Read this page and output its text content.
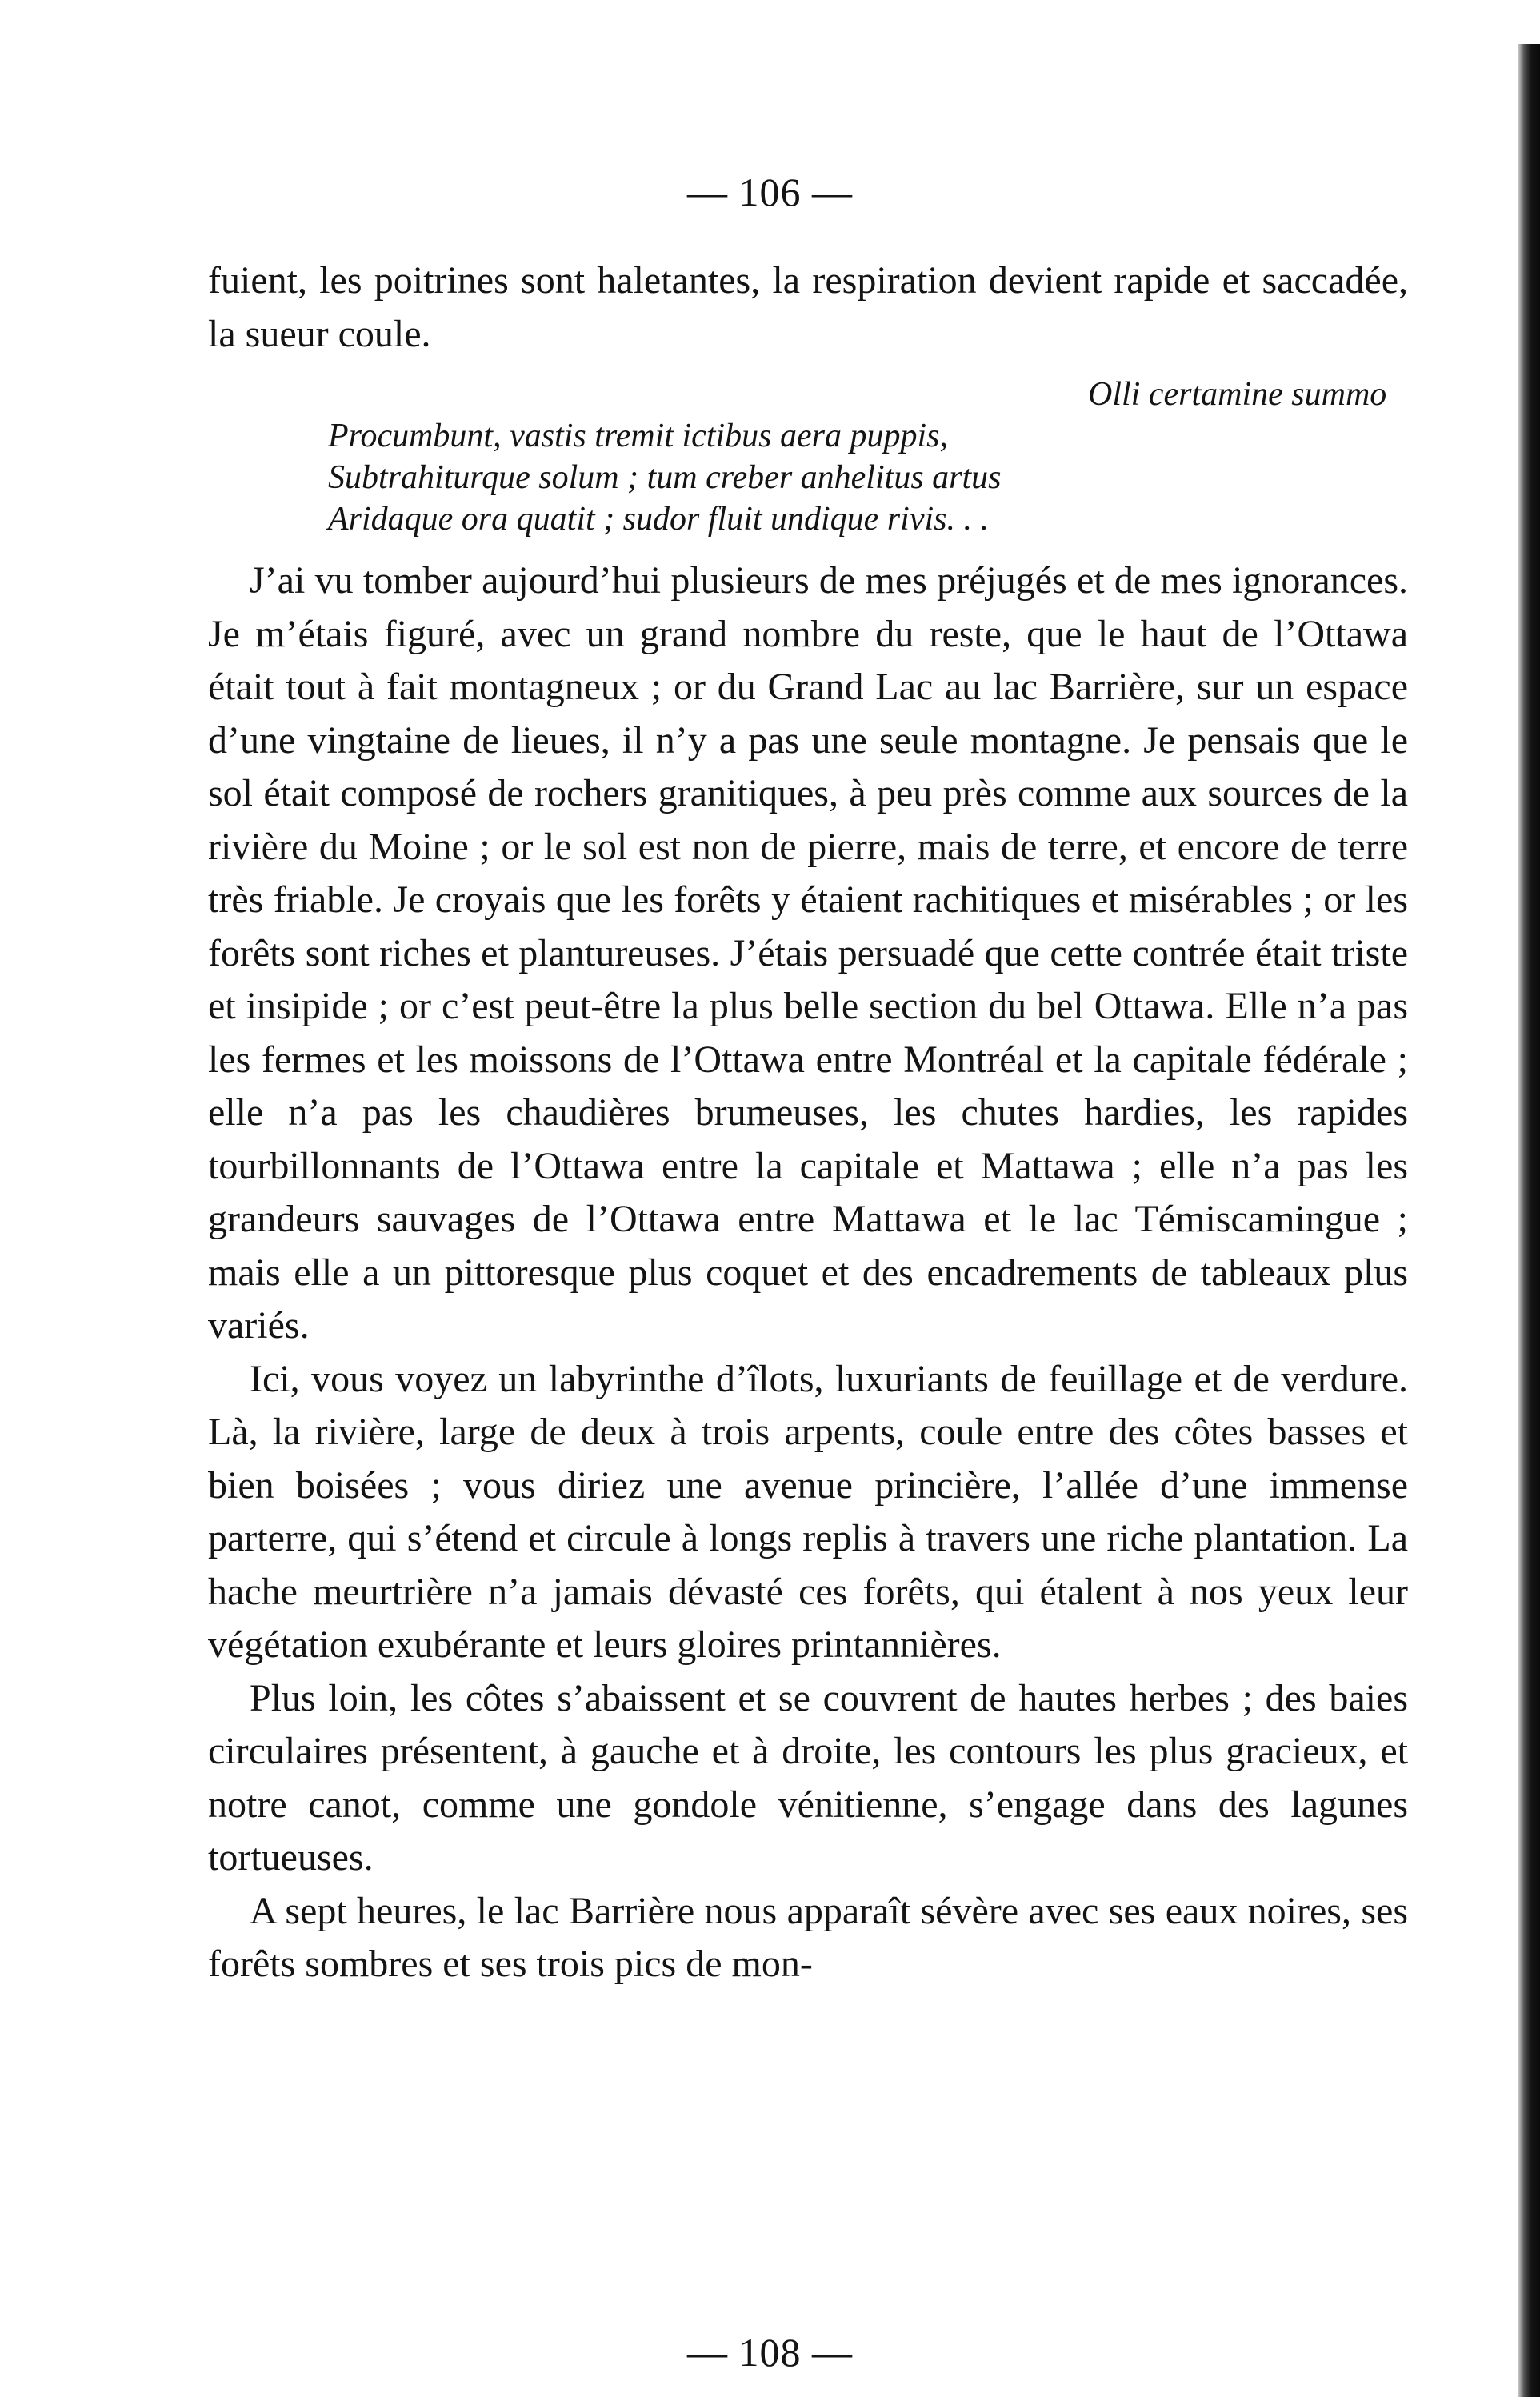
— 106 —

fuient, les poitrines sont haletantes, la respiration devient rapide et saccadée, la sueur coule.

Olli certamine summo
Procumbunt, vastis tremit ictibus aera puppis,
Subtrahiturque solum ; tum creber anhelitus artus
Aridaque ora quatit ; sudor fluit undique rivis. . .

J’ai vu tomber aujourd’hui plusieurs de mes préjugés et de mes ignorances. Je m’étais figuré, avec un grand nombre du reste, que le haut de l’Ottawa était tout à fait montagneux ; or du Grand Lac au lac Barrière, sur un espace d’une vingtaine de lieues, il n’y a pas une seule montagne. Je pensais que le sol était composé de rochers granitiques, à peu près comme aux sources de la rivière du Moine ; or le sol est non de pierre, mais de terre, et encore de terre très friable. Je croyais que les forêts y étaient rachitiques et misérables ; or les forêts sont riches et plantureuses. J’étais persuadé que cette contrée était triste et insipide ; or c’est peut-être la plus belle section du bel Ottawa. Elle n’a pas les fermes et les moissons de l’Ottawa entre Montréal et la capitale fédérale ; elle n’a pas les chaudières brumeuses, les chutes hardies, les rapides tourbillonnants de l’Ottawa entre la capitale et Mattawa ; elle n’a pas les grandeurs sauvages de l’Ottawa entre Mattawa et le lac Témiscamingue ; mais elle a un pittoresque plus coquet et des encadrements de tableaux plus variés.

Ici, vous voyez un labyrinthe d’îlots, luxuriants de feuillage et de verdure. Là, la rivière, large de deux à trois arpents, coule entre des côtes basses et bien boisées ; vous diriez une avenue princière, l’allée d’une immense parterre, qui s’étend et circule à longs replis à travers une riche plantation. La hache meurtrière n’a jamais dévasté ces forêts, qui étalent à nos yeux leur végétation exubérante et leurs gloires printannières.

Plus loin, les côtes s’abaissent et se couvrent de hautes herbes ; des baies circulaires présentent, à gauche et à droite, les contours les plus gracieux, et notre canot, comme une gondole vénitienne, s’engage dans des lagunes tortueuses.

A sept heures, le lac Barrière nous apparaît sévère avec ses eaux noires, ses forêts sombres et ses trois pics de mon-

— 108 —
